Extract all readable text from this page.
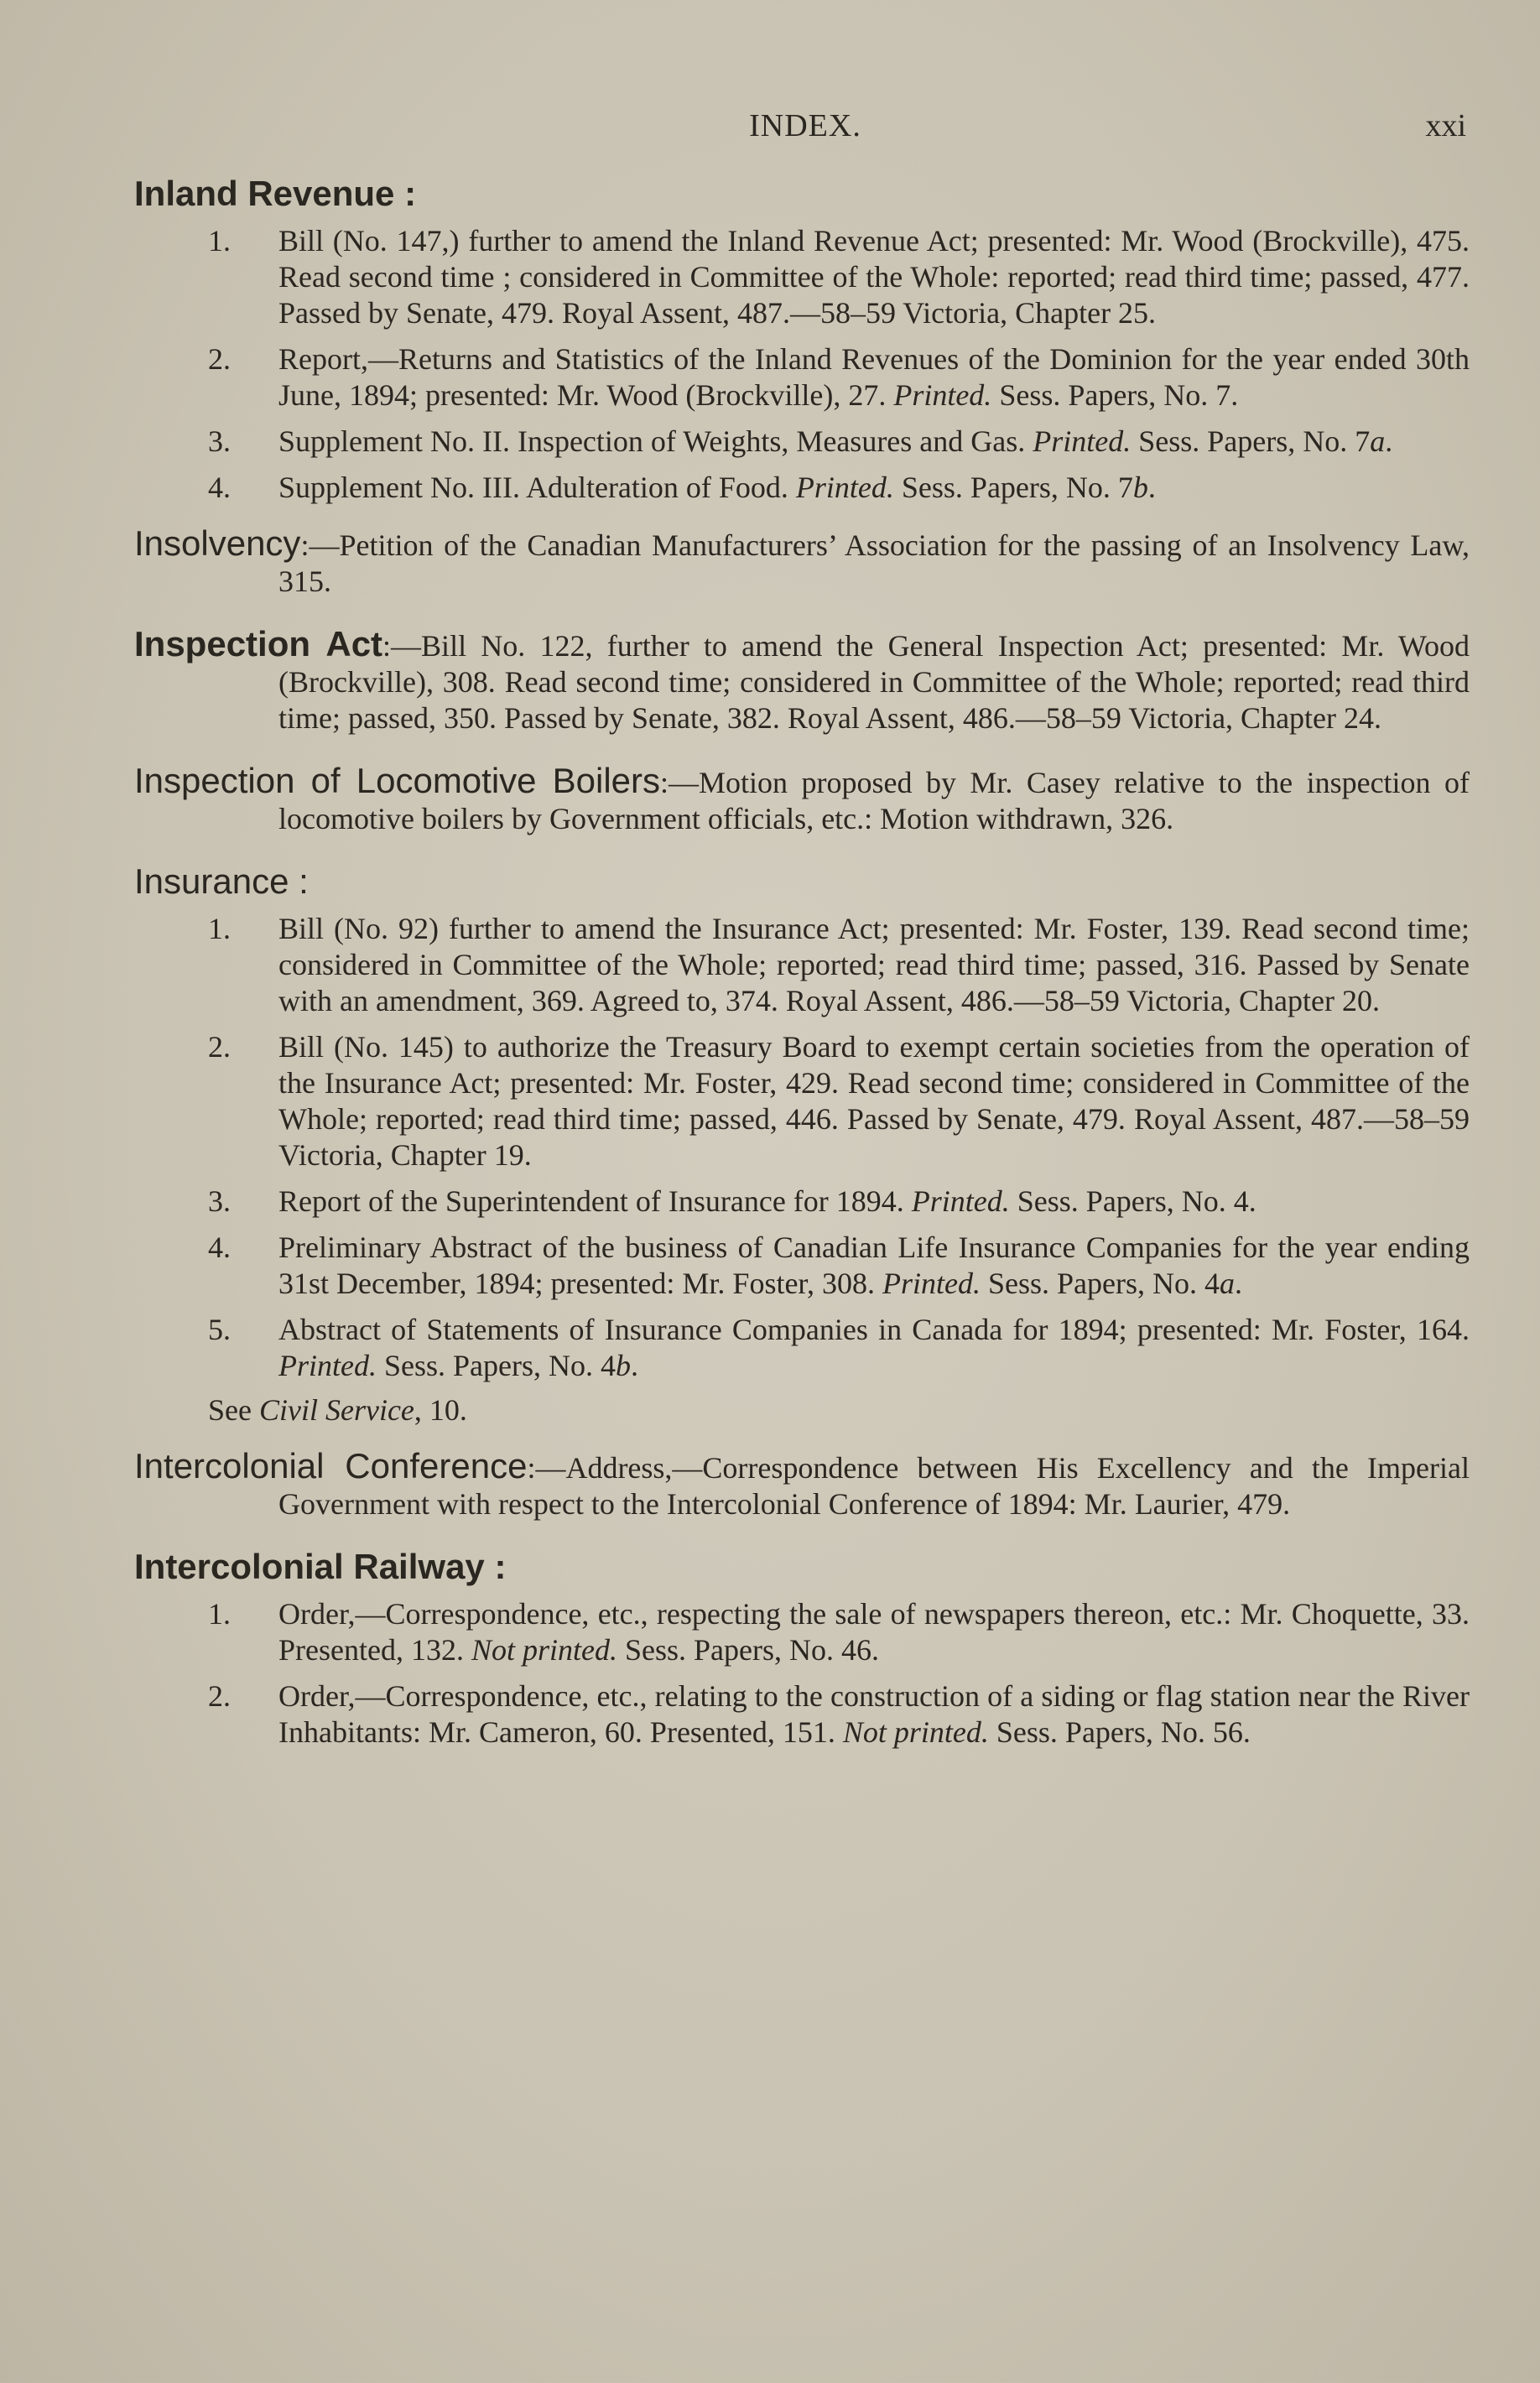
INDEX.	xxi
Inland Revenue :
1. Bill (No. 147,) further to amend the Inland Revenue Act; presented: Mr. Wood (Brockville), 475. Read second time ; considered in Committee of the Whole: reported; read third time; passed, 477. Passed by Senate, 479. Royal Assent, 487.—58–59 Victoria, Chapter 25.
2. Report,—Returns and Statistics of the Inland Revenues of the Dominion for the year ended 30th June, 1894; presented: Mr. Wood (Brockville), 27. Printed. Sess. Papers, No. 7.
3. Supplement No. II. Inspection of Weights, Measures and Gas. Printed. Sess. Papers, No. 7a.
4. Supplement No. III. Adulteration of Food. Printed. Sess. Papers, No. 7b.
Insolvency:—Petition of the Canadian Manufacturers’ Association for the passing of an Insolvency Law, 315.
Inspection Act:—Bill No. 122, further to amend the General Inspection Act; presented: Mr. Wood (Brockville), 308. Read second time; considered in Committee of the Whole; reported; read third time; passed, 350. Passed by Senate, 382. Royal Assent, 486.—58–59 Victoria, Chapter 24.
Inspection of Locomotive Boilers:—Motion proposed by Mr. Casey relative to the inspection of locomotive boilers by Government officials, etc.: Motion withdrawn, 326.
Insurance :
1. Bill (No. 92) further to amend the Insurance Act; presented: Mr. Foster, 139. Read second time; considered in Committee of the Whole; reported; read third time; passed, 316. Passed by Senate with an amendment, 369. Agreed to, 374. Royal Assent, 486.—58–59 Victoria, Chapter 20.
2. Bill (No. 145) to authorize the Treasury Board to exempt certain societies from the operation of the Insurance Act; presented: Mr. Foster, 429. Read second time; considered in Committee of the Whole; reported; read third time; passed, 446. Passed by Senate, 479. Royal Assent, 487.—58–59 Victoria, Chapter 19.
3. Report of the Superintendent of Insurance for 1894. Printed. Sess. Papers, No. 4.
4. Preliminary Abstract of the business of Canadian Life Insurance Companies for the year ending 31st December, 1894; presented: Mr. Foster, 308. Printed. Sess. Papers, No. 4a.
5. Abstract of Statements of Insurance Companies in Canada for 1894; presented: Mr. Foster, 164. Printed. Sess. Papers, No. 4b.
See Civil Service, 10.
Intercolonial Conference:—Address,—Correspondence between His Excellency and the Imperial Government with respect to the Intercolonial Conference of 1894: Mr. Laurier, 479.
Intercolonial Railway :
1. Order,—Correspondence, etc., respecting the sale of newspapers thereon, etc.: Mr. Choquette, 33. Presented, 132. Not printed. Sess. Papers, No. 46.
2. Order,—Correspondence, etc., relating to the construction of a siding or flag station near the River Inhabitants: Mr. Cameron, 60. Presented, 151. Not printed. Sess. Papers, No. 56.
